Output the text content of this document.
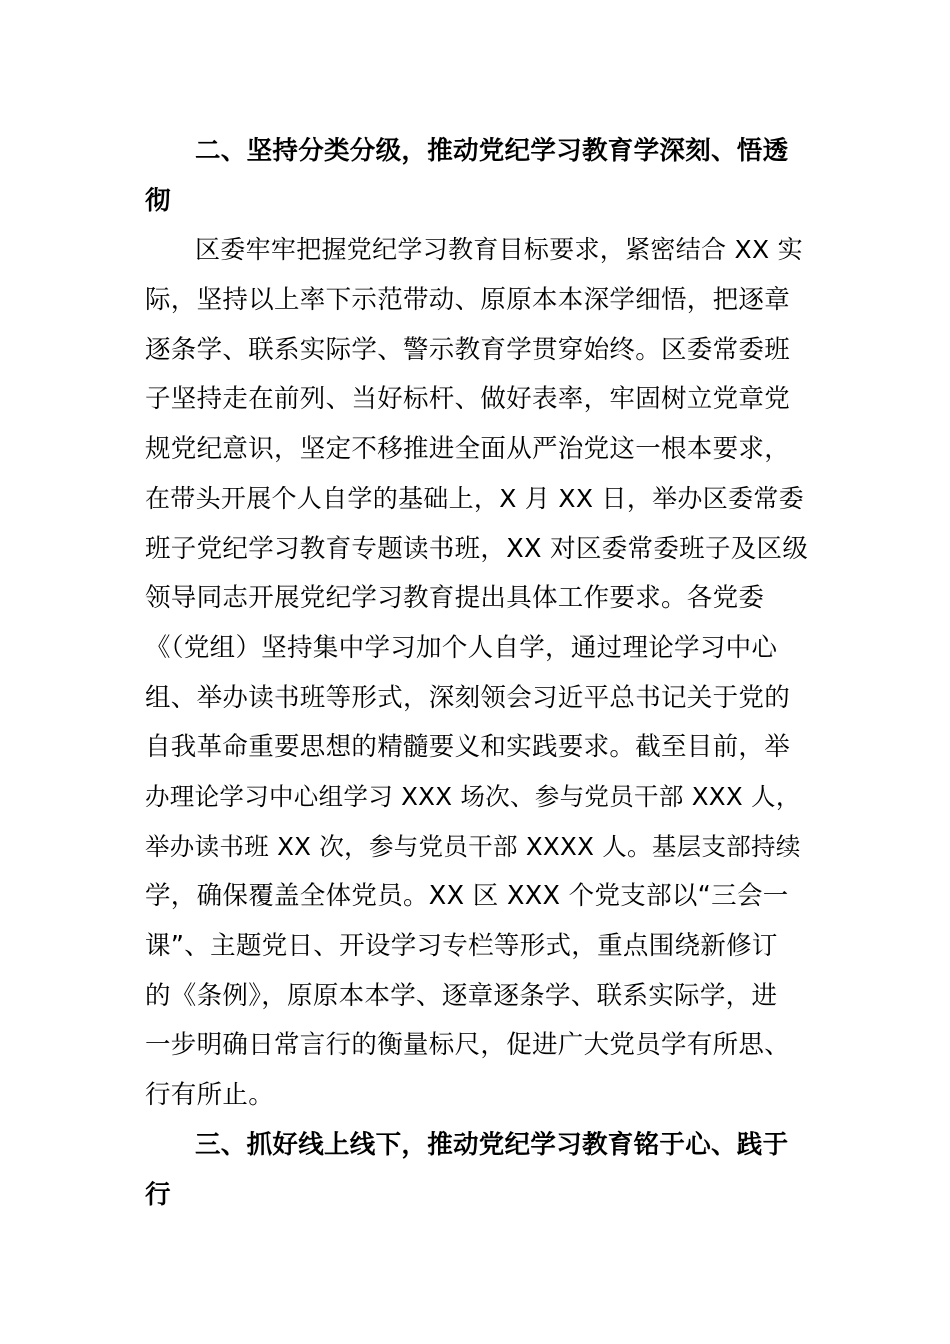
二、坚持分类分级，推动党纪学习教育学深刻、悟透
彻
区委牢牢把握党纪学习教育目标要求，紧密结合 XX 实
际，坚持以上率下示范带动、原原本本深学细悟，把逐章
逐条学、联系实际学、警示教育学贯穿始终。区委常委班
子坚持走在前列、当好标杆、做好表率，牢固树立党章党
规党纪意识，坚定不移推进全面从严治党这一根本要求，
在带头开展个人自学的基础上，X 月 XX 日，举办区委常委
班子党纪学习教育专题读书班，XX 对区委常委班子及区级
领导同志开展党纪学习教育提出具体工作要求。各党委
《（党组）坚持集中学习加个人自学，通过理论学习中心
组、举办读书班等形式，深刻领会习近平总书记关于党的
自我革命重要思想的精髓要义和实践要求。截至目前，举
办理论学习中心组学习 XXX 场次、参与党员干部 XXX 人，
举办读书班 XX 次，参与党员干部 XXXX 人。基层支部持续
学，确保覆盖全体党员。XX 区 XXX 个党支部以“三会一
课”、主题党日、开设学习专栏等形式，重点围绕新修订
的《条例》，原原本本学、逐章逐条学、联系实际学，进
一步明确日常言行的衡量标尺，促进广大党员学有所思、
行有所止。
三、抓好线上线下，推动党纪学习教育铭于心、践于
行
